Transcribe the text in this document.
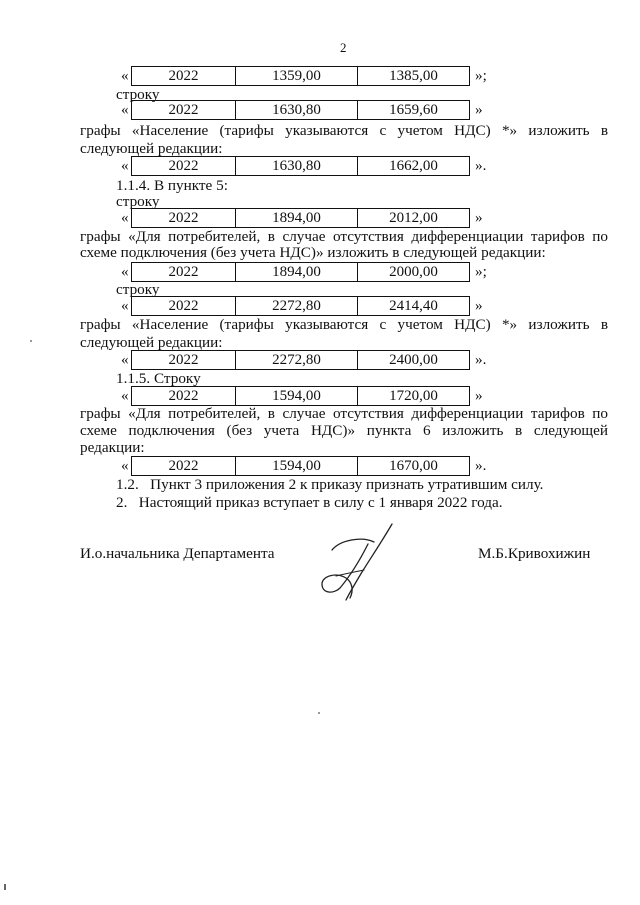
2
«	2022	1359,00	1385,00	»;
строку
«	2022	1630,80	1659,60	»
графы «Население (тарифы указываются с учетом НДС) *» изложить в
следующей редакции:
«	2022	1630,80	1662,00	».
1.1.4. В пункте 5:
строку
«	2022	1894,00	2012,00	»
графы «Для потребителей, в случае отсутствия дифференциации тарифов по
схеме подключения (без учета НДС)» изложить в следующей редакции:
«	2022	1894,00	2000,00	»;
строку
«	2022	2272,80	2414,40	»
графы «Население (тарифы указываются с учетом НДС) *» изложить в
следующей редакции:
«	2022	2272,80	2400,00	».
1.1.5. Строку
«	2022	1594,00	1720,00	»
графы «Для потребителей, в случае отсутствия дифференциации тарифов по
схеме подключения (без учета НДС)» пункта 6 изложить в следующей
редакции:
«	2022	1594,00	1670,00	».
1.2.   Пункт 3 приложения 2 к приказу признать утратившим силу.
2.   Настоящий приказ вступает в силу с 1 января 2022 года.
И.о.начальника Департамента	М.Б.Кривохижин
